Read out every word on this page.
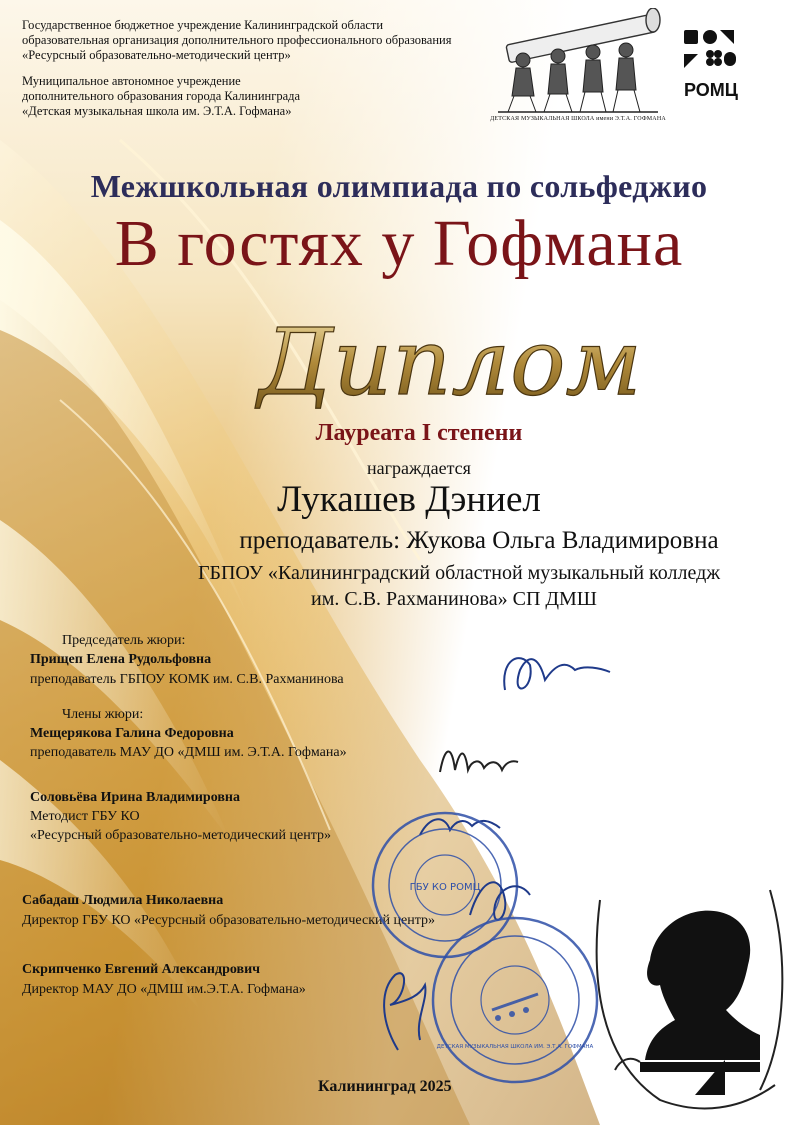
Государственное бюджетное учреждение Калининградской области
образовательная организация дополнительного профессионального образования
«Ресурсный образовательно-методический центр»
Муниципальное автономное учреждение
дополнительного образования города Калининграда
«Детская музыкальная школа им. Э.Т.А. Гофмана»
ДЕТСКАЯ МУЗЫКАЛЬНАЯ ШКОЛА имени Э.Т.А. ГОФМАНА
РОМЦ
Межшкольная олимпиада по сольфеджио
В гостях у Гофмана
Диплом
Лауреата I степени
награждается
Лукашев Дэниел
преподаватель: Жукова Ольга Владимировна
ГБПОУ «Калининградский областной музыкальный колледж
им. С.В. Рахманинова» СП ДМШ
Председатель жюри:
Прищеп Елена Рудольфовна
преподаватель ГБПОУ КОМК им. С.В. Рахманинова
Члены жюри:
Мещерякова Галина Федоровна
преподаватель МАУ ДО «ДМШ им. Э.Т.А. Гофмана»
Соловьёва Ирина Владимировна
Методист ГБУ КО
«Ресурсный образовательно-методический центр»
Сабадаш Людмила Николаевна
Директор ГБУ КО «Ресурсный образовательно-методический центр»
Скрипченко Евгений Александрович
Директор МАУ ДО «ДМШ им.Э.Т.А. Гофмана»
ГБУ КО РОМЦ
ДЕТСКАЯ МУЗЫКАЛЬНАЯ ШКОЛА ИМ. Э.Т.А. ГОФМАНА
Калининград 2025
